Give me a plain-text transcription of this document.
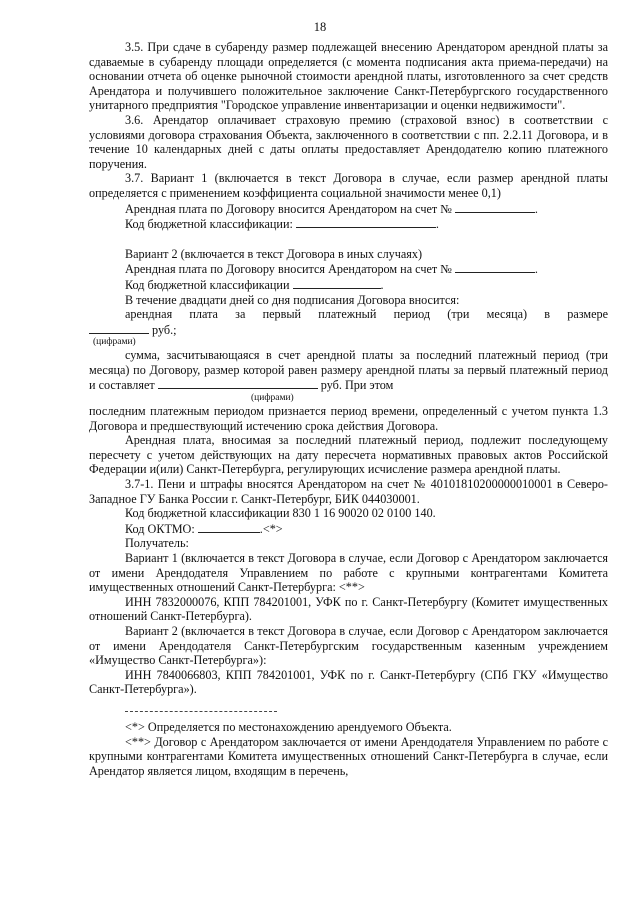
18

3.5. При сдаче в субаренду размер подлежащей внесению Арендатором арендной платы за сдаваемые в субаренду площади определяется (с момента подписания акта приема-передачи) на основании отчета об оценке рыночной стоимости арендной платы, изготовленного за счет средств Арендатора и получившего положительное заключение Санкт-Петербургского государственного унитарного предприятия "Городское управление инвентаризации и оценки недвижимости".

3.6. Арендатор оплачивает страховую премию (страховой взнос) в соответствии с условиями договора страхования Объекта, заключенного в соответствии с пп. 2.2.11 Договора, и в течение 10 календарных дней с даты оплаты предоставляет Арендодателю копию платежного поручения.

3.7. Вариант 1 (включается в текст Договора в случае, если размер арендной платы определяется с применением коэффициента социальной значимости менее 0,1)

Арендная плата по Договору вносится Арендатором на счет №	.

Код бюджетной классификации:	.

Вариант 2 (включается в текст Договора в иных случаях)

Арендная плата по Договору вносится Арендатором на счет №	.

Код бюджетной классификации	.

В течение двадцати дней со дня подписания Договора вносится:

арендная плата за первый платежный период (три месяца) в размере

руб.;

(цифрами)

сумма, засчитывающаяся в счет арендной платы за последний платежный период (три месяца) по Договору, размер которой равен размеру арендной платы за первый платежный период и составляет	руб. При этом

(цифрами)

последним платежным периодом признается период времени, определенный с учетом пункта 1.3 Договора и предшествующий истечению срока действия Договора.

Арендная плата, вносимая за последний платежный период, подлежит последующему пересчету с учетом действующих на дату пересчета нормативных правовых актов Российской Федерации и(или) Санкт-Петербурга, регулирующих исчисление размера арендной платы.

3.7-1. Пени и штрафы вносятся Арендатором на счет № 40101810200000010001 в Северо-Западное ГУ Банка России г. Санкт-Петербург, БИК 044030001.

Код бюджетной классификации 830 1 16 90020 02 0100 140.

Код ОКТМО:	.<*>

Получатель:

Вариант 1 (включается в текст Договора в случае, если Договор с Арендатором заключается от имени Арендодателя Управлением по работе с крупными контрагентами Комитета имущественных отношений Санкт-Петербурга: <**>

ИНН 7832000076, КПП 784201001, УФК по г. Санкт-Петербургу (Комитет имущественных отношений Санкт-Петербурга).

Вариант 2 (включается в текст Договора в случае, если Договор с Арендатором заключается от имени Арендодателя Санкт-Петербургским государственным казенным учреждением «Имущество Санкт-Петербурга»):

ИНН 7840066803, КПП 784201001, УФК по г. Санкт-Петербургу (СПб ГКУ «Имущество Санкт-Петербурга»).

<*> Определяется по местонахождению арендуемого Объекта.

<**> Договор с Арендатором заключается от имени Арендодателя Управлением по работе с крупными контрагентами Комитета имущественных отношений Санкт-Петербурга в случае, если Арендатор является лицом, входящим в перечень,
